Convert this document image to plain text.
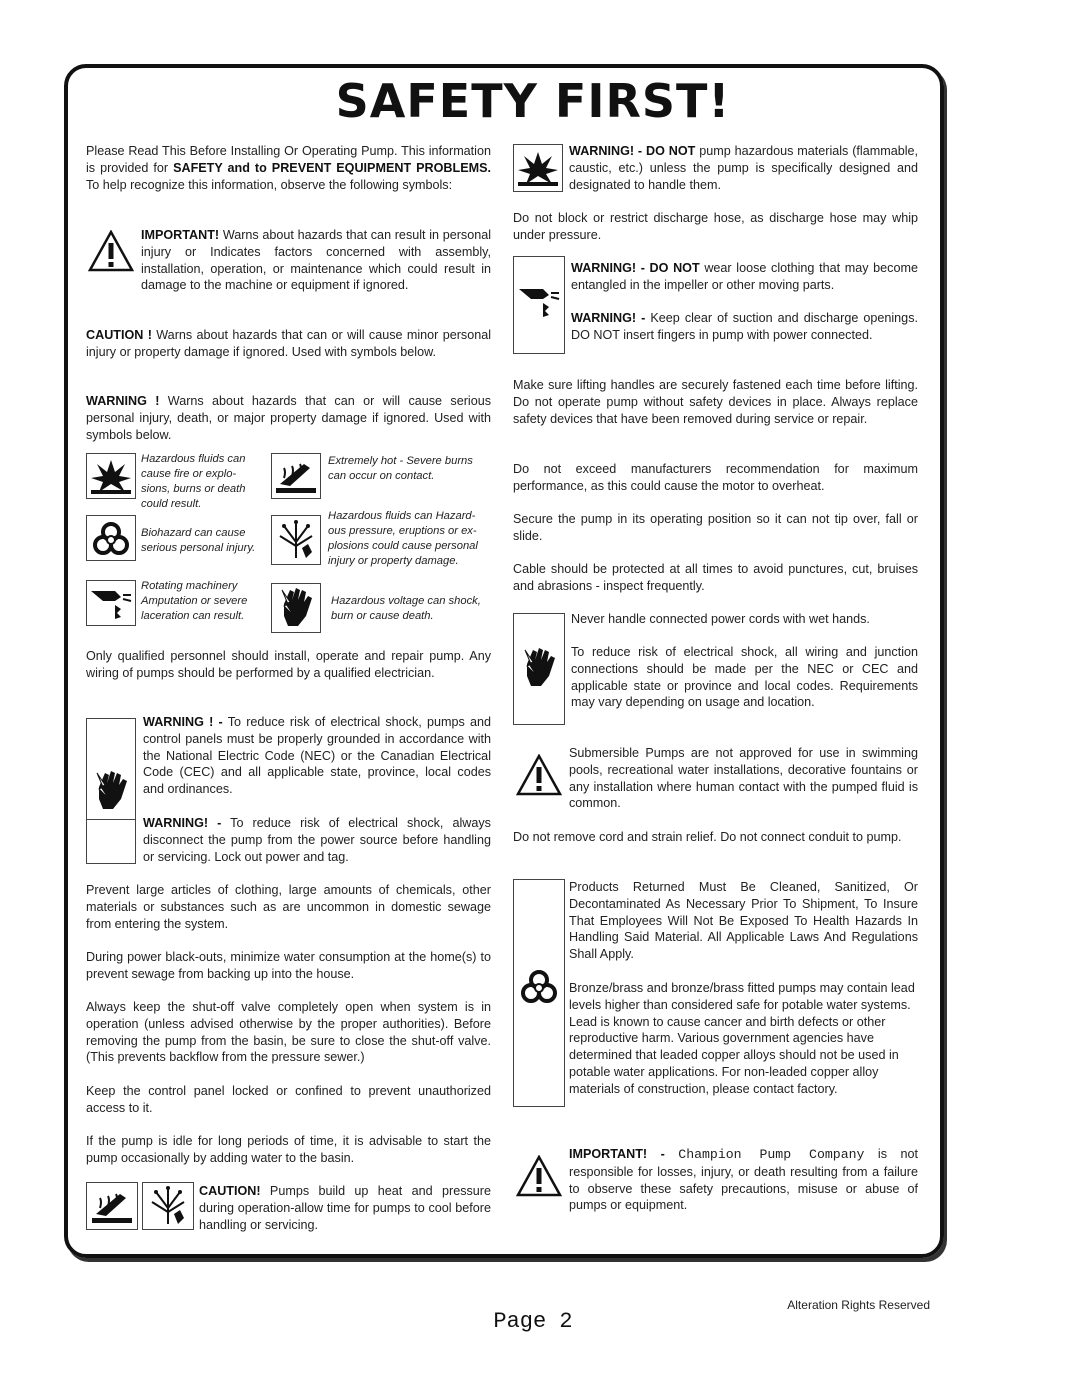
SAFETY FIRST!

Please Read This Before Installing Or Operating Pump. This information is provided for SAFETY and to PREVENT EQUIPMENT PROBLEMS. To help recognize this information, observe the following symbols:

IMPORTANT! Warns about hazards that can result in personal injury or Indicates factors concerned with assembly, installation, operation, or maintenance which could result in damage to the machine or equipment if ignored.
CAUTION ! Warns about hazards that can or will cause minor personal injury or property damage if ignored. Used with symbols below.
WARNING ! Warns about hazards that can or will cause serious personal injury, death, or major property damage if ignored. Used with symbols below.
Hazardous fluids can cause fire or explo- sions, burns or death could result.
Extremely hot - Severe burns can occur on contact.
Biohazard can cause serious personal injury.
Hazardous fluids can Hazard- ous pressure, eruptions or ex- plosions could cause personal injury or property damage.
Rotating machinery Amputation or severe laceration can result.
Hazardous voltage can shock, burn or cause death.
Only qualified personnel should install, operate and repair pump. Any wiring of pumps should be performed by a qualified electrician.
WARNING ! - To reduce risk of electrical shock, pumps and control panels must be properly grounded in accordance with the National Electric Code (NEC) or the Canadian Electrical Code (CEC) and all applicable state, province, local codes and ordinances.
WARNING! - To reduce risk of electrical shock, always disconnect the pump from the power source before handling or servicing. Lock out power and tag.
Prevent large articles of clothing, large amounts of chemicals, other materials or substances such as are uncommon in domestic sewage from entering the system.
During power black-outs, minimize water consumption at the home(s) to prevent sewage from backing up into the house.
Always keep the shut-off valve completely open when system is in operation (unless advised otherwise by the proper authorities). Before removing the pump from the basin, be sure to close the shut-off valve. (This prevents backflow from the pressure sewer.)
Keep the control panel locked or confined to prevent unauthorized access to it.
If the pump is idle for long periods of time, it is advisable to start the pump occasionally by adding water to the basin.
CAUTION! Pumps build up heat and pressure during operation-allow time for pumps to cool before handling or servicing.
WARNING! - DO NOT pump hazardous materials (flammable, caustic, etc.) unless the pump is specifically designed and designated to handle them.
Do not block or restrict discharge hose, as discharge hose may whip under pressure.
WARNING! - DO NOT wear loose clothing that may become entangled in the impeller or other moving parts.
WARNING! - Keep clear of suction and discharge openings. DO NOT insert fingers in pump with power connected.
Make sure lifting handles are securely fastened each time before lifting. Do not operate pump without safety devices in place. Always replace safety devices that have been removed during service or repair.
Do not exceed manufacturers recommendation for maximum performance, as this could cause the motor to overheat.
Secure the pump in its operating position so it can not tip over, fall or slide.
Cable should be protected at all times to avoid punctures, cut, bruises and abrasions - inspect frequently.
Never handle connected power cords with wet hands.
To reduce risk of electrical shock, all wiring and junction connections should be made per the NEC or CEC and applicable state or province and local codes. Requirements may vary depending on usage and location.
Submersible Pumps are not approved for use in swimming pools, recreational water installations, decorative fountains or any installation where human contact with the pumped fluid is common.
Do not remove cord and strain relief. Do not connect conduit to pump.
Products Returned Must Be Cleaned, Sanitized, Or Decontaminated As Necessary Prior To Shipment, To Insure That Employees Will Not Be Exposed To Health Hazards In Handling Said Material. All Applicable Laws And Regulations Shall Apply.
Bronze/brass and bronze/brass fitted pumps may contain lead levels higher than considered safe for potable water systems. Lead is known to cause cancer and birth defects or other reproductive harm. Various government agencies have determined that leaded copper alloys should not be used in potable water applications. For non-leaded copper alloy materials of construction, please contact factory.
IMPORTANT! - Champion Pump Company is not responsible for losses, injury, or death resulting from a failure to observe these safety precautions, misuse or abuse of pumps or equipment.
Alteration Rights Reserved
Page 2
